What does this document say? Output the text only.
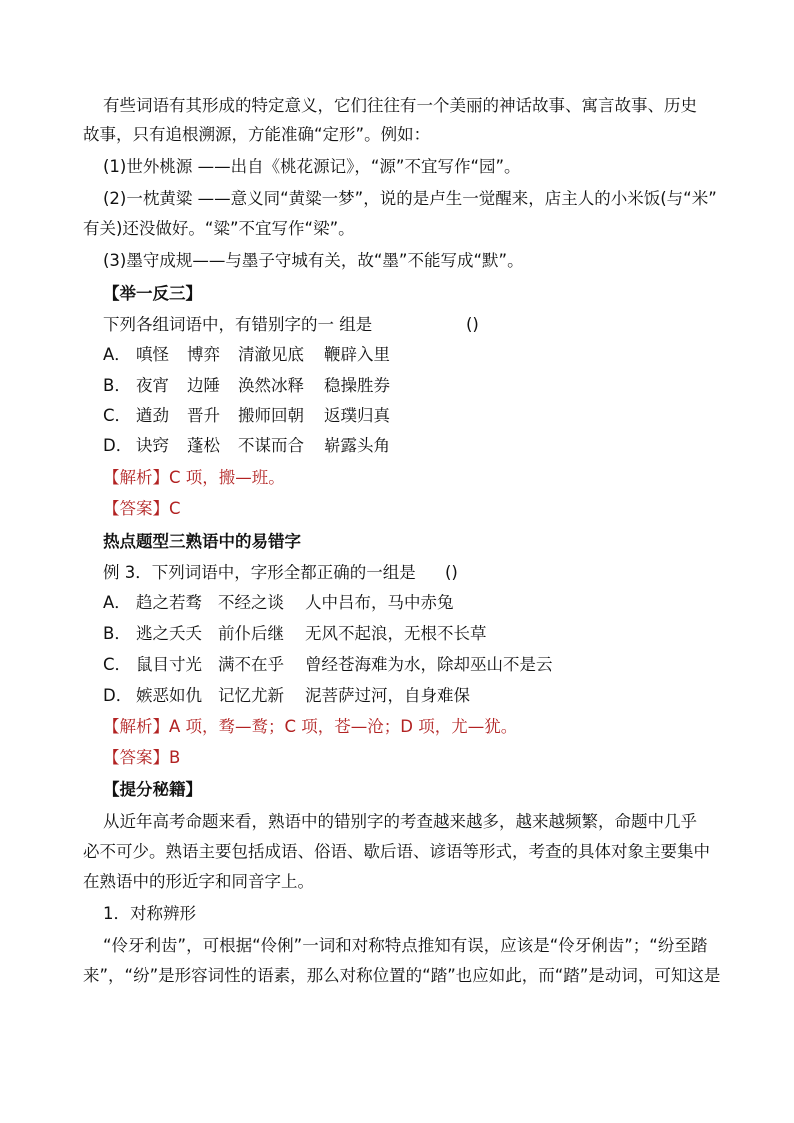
有些词语有其形成的特定意义，它们往往有一个美丽的神话故事、寓言故事、历史
故事，只有追根溯源，方能准确“定形”。例如：
(1)世外桃源 ——出自《桃花源记》，“源”不宜写作“园”。
(2)一枕黄粱 ——意义同“黄粱一梦”，说的是卢生一觉醒来，店主人的小米饭(与“米”
有关)还没做好。“粱”不宜写作“梁”。
(3)墨守成规——与墨子守城有关，故“墨”不能写成“默”。
【举一反三】
下列各组词语中，有错别字的一 组是	()
A． 嗔怪 博弈 清澈见底 鞭辟入里
B． 夜宵 边陲 涣然冰释 稳操胜券
C． 遒劲 晋升 搬师回朝 返璞归真
D． 诀窍 蓬松 不谋而合 崭露头角
【解析】C 项，搬—班。
【答案】C
热点题型三熟语中的易错字
例 3．下列词语中，字形全都正确的一组是 ()
A． 趋之若骛 不经之谈 人中吕布，马中赤兔
B． 逃之夭夭 前仆后继 无风不起浪，无根不长草
C． 鼠目寸光 满不在乎 曾经苍海难为水，除却巫山不是云
D． 嫉恶如仇 记忆尤新 泥菩萨过河，自身难保
【解析】A 项，骛—鹜；C 项，苍—沧；D 项，尤—犹。
【答案】B
【提分秘籍】
从近年高考命题来看，熟语中的错别字的考查越来越多，越来越频繁，命题中几乎
必不可少。熟语主要包括成语、俗语、歇后语、谚语等形式，考查的具体对象主要集中
在熟语中的形近字和同音字上。
1．对称辨形
“伶牙利齿”，可根据“伶俐”一词和对称特点推知有误，应该是“伶牙俐齿”；“纷至踏
来”，“纷”是形容词性的语素，那么对称位置的“踏”也应如此，而“踏”是动词，可知这是
